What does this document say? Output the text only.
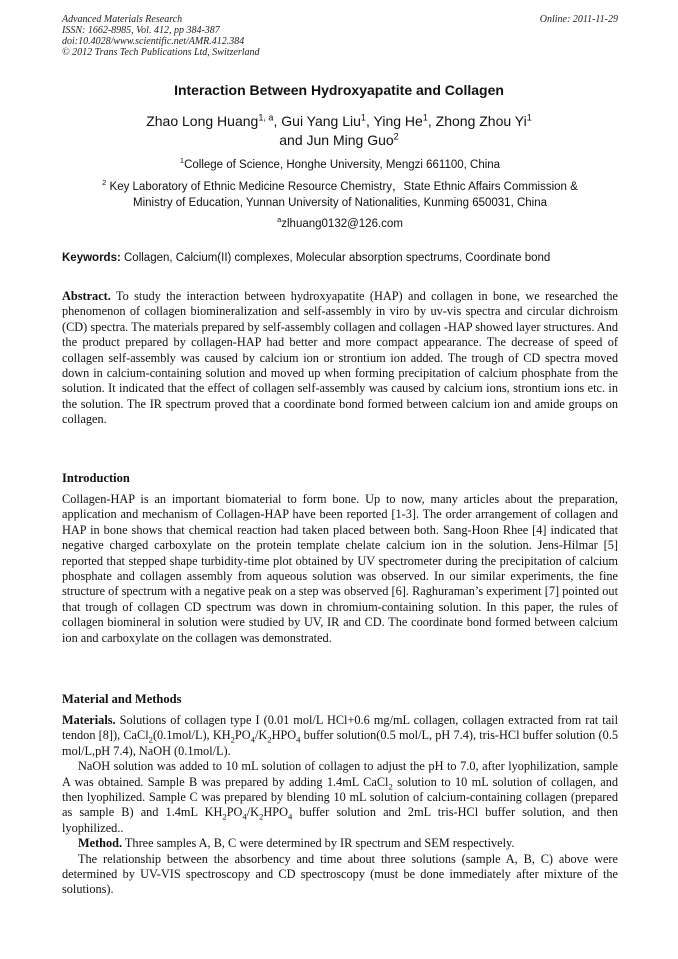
Advanced Materials Research
ISSN: 1662-8985, Vol. 412, pp 384-387
doi:10.4028/www.scientific.net/AMR.412.384
© 2012 Trans Tech Publications Ltd, Switzerland
Online: 2011-11-29
Interaction Between Hydroxyapatite and Collagen
Zhao Long Huang$^{1, a}$, Gui Yang Liu$^1$, Ying He$^1$, Zhong Zhou Yi$^1$
and Jun Ming Guo$^2$
$^1$College of Science, Honghe University, Mengzi 661100, China
$^2$ Key Laboratory of Ethnic Medicine Resource Chemistry，State Ethnic Affairs Commission &
Ministry of Education, Yunnan University of Nationalities, Kunming 650031, China
$^a$zlhuang0132@126.com
Keywords: Collagen, Calcium(II) complexes, Molecular absorption spectrums, Coordinate bond

Abstract. To study the interaction between hydroxyapatite (HAP) and collagen in bone, we researched the phenomenon of collagen biomineralization and self-assembly in viro by uv-vis spectra and circular dichroism (CD) spectra. The materials prepared by self-assembly collagen and collagen -HAP showed layer structures. And the product prepared by collagen-HAP had better and more compact appearance. The decrease of speed of collagen self-assembly was caused by calcium ion or strontium ion added. The trough of CD spectra moved down in calcium-containing solution and moved up when forming precipitation of calcium phosphate from the solution. It indicated that the effect of collagen self-assembly was caused by calcium ions, strontium ions etc. in the solution. The IR spectrum proved that a coordinate bond formed between calcium ion and amide groups on collagen.

Introduction

Collagen-HAP is an important biomaterial to form bone. Up to now, many articles about the preparation, application and mechanism of Collagen-HAP have been reported [1-3]. The order arrangement of collagen and HAP in bone shows that chemical reaction had taken placed between both. Sang-Hoon Rhee [4] indicated that negative charged carboxylate on the protein template chelate calcium ion in the solution. Jens-Hilmar [5] reported that stepped shape turbidity-time plot obtained by UV spectrometer during the precipitation of calcium phosphate and collagen assembly from aqueous solution was observed. In our similar experiments, the fine structure of spectrum with a negative peak on a step was observed [6]. Raghuraman’s experiment [7] pointed out that trough of collagen CD spectrum was down in chromium-containing solution. In this paper, the rules of collagen biomineral in solution were studied by UV, IR and CD. The coordinate bond formed between calcium ion and carboxylate on the collagen was demonstrated.

Material and Methods

Materials. Solutions of collagen type I (0.01 mol/L HCl+0.6 mg/mL collagen, collagen extracted from rat tail tendon [8]), CaCl$_2$(0.1mol/L), $KH_2PO_4/K_2HPO_4$ buffer solution(0.5 mol/L, pH 7.4), tris-HCl buffer solution (0.5 mol/L,pH 7.4), NaOH (0.1mol/L).

NaOH solution was added to 10 mL solution of collagen to adjust the pH to 7.0, after lyophilization, sample A was obtained. Sample B was prepared by adding 1.4mL CaCl$_2$ solution to 10 mL solution of collagen, and then lyophilized. Sample C was prepared by blending 10 mL solution of calcium-containing collagen (prepared as sample B) and 1.4mL $KH_2PO_4/K_2HPO_4$ buffer solution and 2mL tris-HCl buffer solution, and then lyophilized..

Method. Three samples A, B, C were determined by IR spectrum and SEM respectively.

The relationship between the absorbency and time about three solutions (sample A, B, C) above were determined by UV-VIS spectroscopy and CD spectroscopy (must be done immediately after mixture of the solutions).
